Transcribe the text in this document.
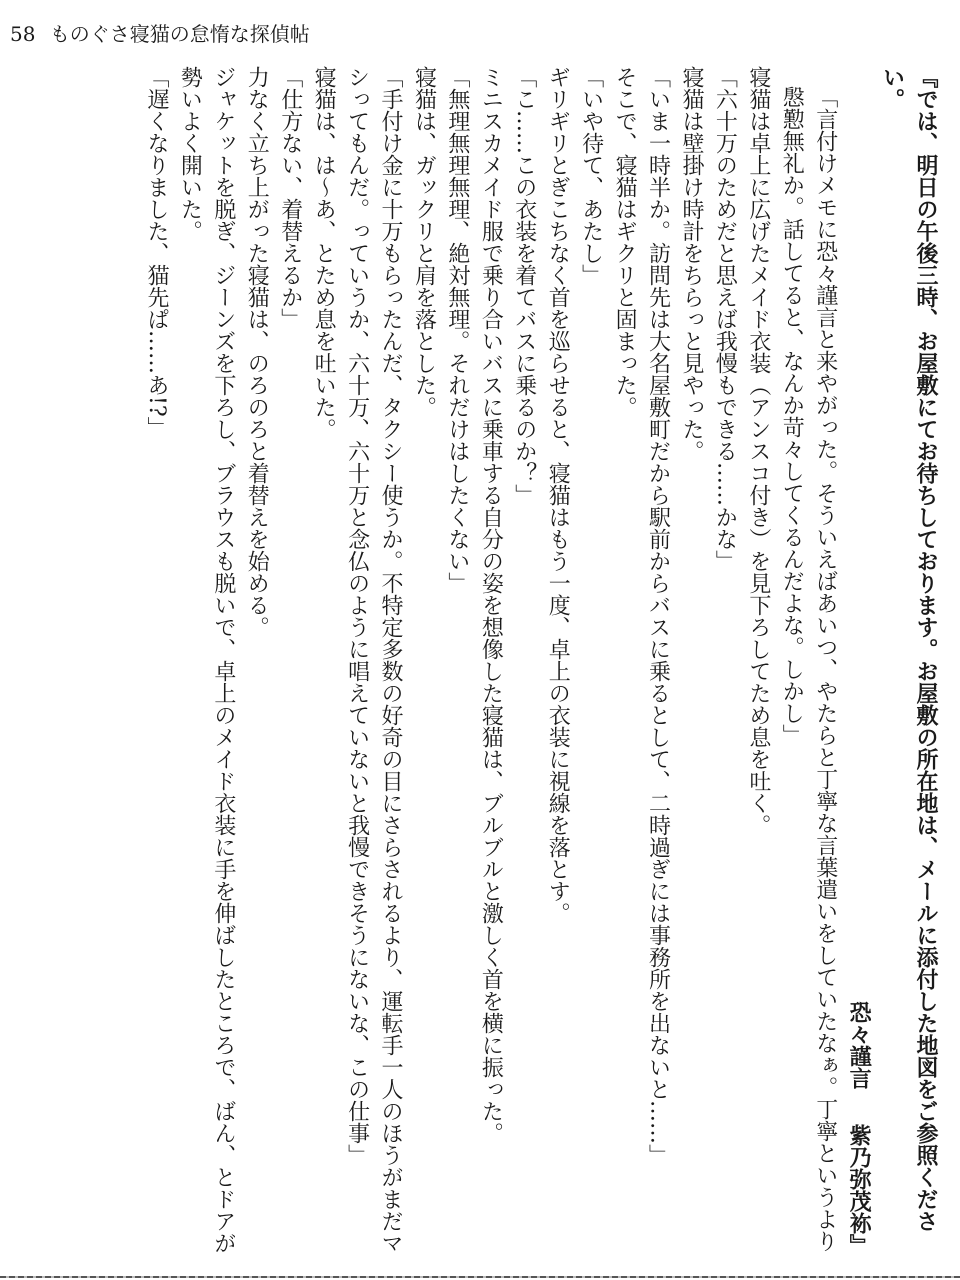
58 ものぐさ寝猫の怠惰な探偵帖

『では、明日の午後三時、お屋敷にてお待ちしております。お屋敷の所在地は、メールに添付した地図をご参照ください。

恐々謹言紫乃弥茂袮』

「言付けメモに恐々謹言と来やがった。そういえばあいつ、やたらと丁寧な言葉遣いをしていたなぁ。丁寧というより慇懃無礼か。話してると、なんか苛々してくるんだよな。しかし」

寝猫は卓上に広げたメイド衣装（アンスコ付き）を見下ろしてため息を吐く。

「六十万のためだと思えば我慢もできる……かな」

寝猫は壁掛け時計をちらっと見やった。

「いま一時半か。訪問先は大名屋敷町だから駅前からバスに乗るとして、二時過ぎには事務所を出ないと……」

そこで、寝猫はギクリと固まった。

「いや待て、あたし」

ギリギリとぎこちなく首を巡らせると、寝猫はもう一度、卓上の衣装に視線を落とす。

「こ……この衣装を着てバスに乗るのか？」

ミニスカメイド服で乗り合いバスに乗車する自分の姿を想像した寝猫は、ブルブルと激しく首を横に振った。

「無理無理無理、絶対無理。それだけはしたくない」

寝猫は、ガックリと肩を落とした。

「手付け金に十万もらったんだ、タクシー使うか。不特定多数の好奇の目にさらされるより、運転手一人のほうがまだマシってもんだ。っていうか、六十万、六十万と念仏のように唱えていないと我慢できそうにないな、この仕事」

寝猫は、は〜あ、とため息を吐いた。

「仕方ない、着替えるか」

力なく立ち上がった寝猫は、のろのろと着替えを始める。

ジャケットを脱ぎ、ジーンズを下ろし、ブラウスも脱いで、卓上のメイド衣装に手を伸ばしたところで、ばん、とドアが勢いよく開いた。

「遅くなりました、猫先ぱ……あ!?」
